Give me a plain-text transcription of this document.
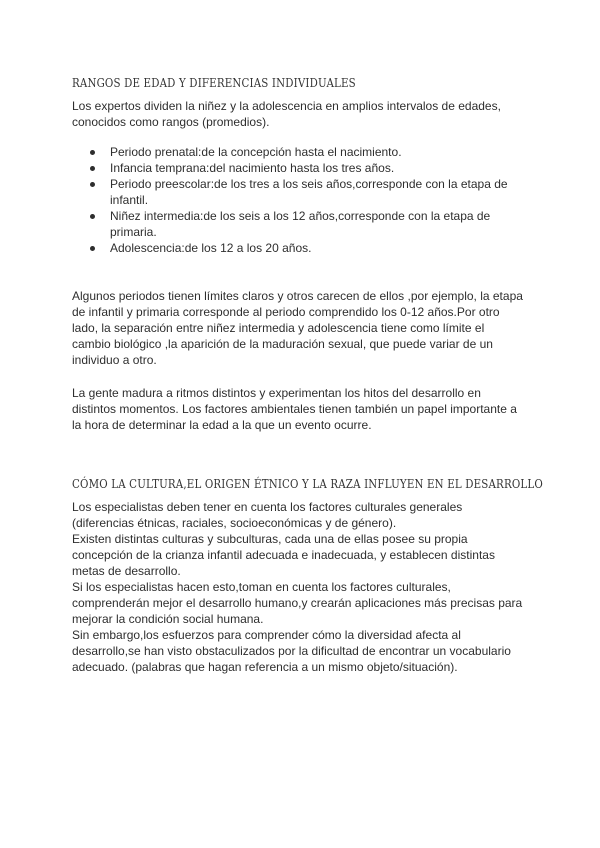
RANGOS DE EDAD Y DIFERENCIAS INDIVIDUALES
Los expertos dividen la niñez y la adolescencia en amplios intervalos de edades,
conocidos como rangos (promedios).
Periodo prenatal:de la concepción hasta el nacimiento.
Infancia temprana:del nacimiento hasta los tres años.
Periodo preescolar:de los tres a los seis años,corresponde con la etapa de
infantil.
Niñez intermedia:de los seis a los 12 años,corresponde con la etapa de
primaria.
Adolescencia:de los 12 a los 20 años.
Algunos periodos tienen límites claros y otros carecen de ellos ,por ejemplo, la etapa
de infantil y primaria corresponde al periodo comprendido los 0-12 años.Por otro
lado, la separación entre niñez intermedia y adolescencia tiene como límite el
cambio biológico ,la aparición de la maduración sexual, que puede variar de un
individuo a otro.
La gente madura a ritmos distintos y experimentan los hitos del desarrollo en
distintos momentos. Los factores ambientales tienen también un papel importante a
la hora de determinar la edad a la que un evento ocurre.
CÓMO LA CULTURA,EL ORIGEN ÉTNICO Y LA RAZA INFLUYEN EN EL DESARROLLO
Los especialistas deben tener en cuenta los factores culturales generales
(diferencias étnicas, raciales, socioeconómicas y de género).
Existen distintas culturas y subculturas, cada una de ellas posee su propia
concepción de la crianza infantil adecuada e inadecuada, y establecen distintas
metas de desarrollo.
Si los especialistas hacen esto,toman en cuenta los factores culturales,
comprenderán mejor el desarrollo humano,y crearán aplicaciones más precisas para
mejorar la condición social humana.
Sin embargo,los esfuerzos para comprender cómo la diversidad afecta al
desarrollo,se han visto obstaculizados por la dificultad de encontrar un vocabulario
adecuado. (palabras que hagan referencia a un mismo objeto/situación).
